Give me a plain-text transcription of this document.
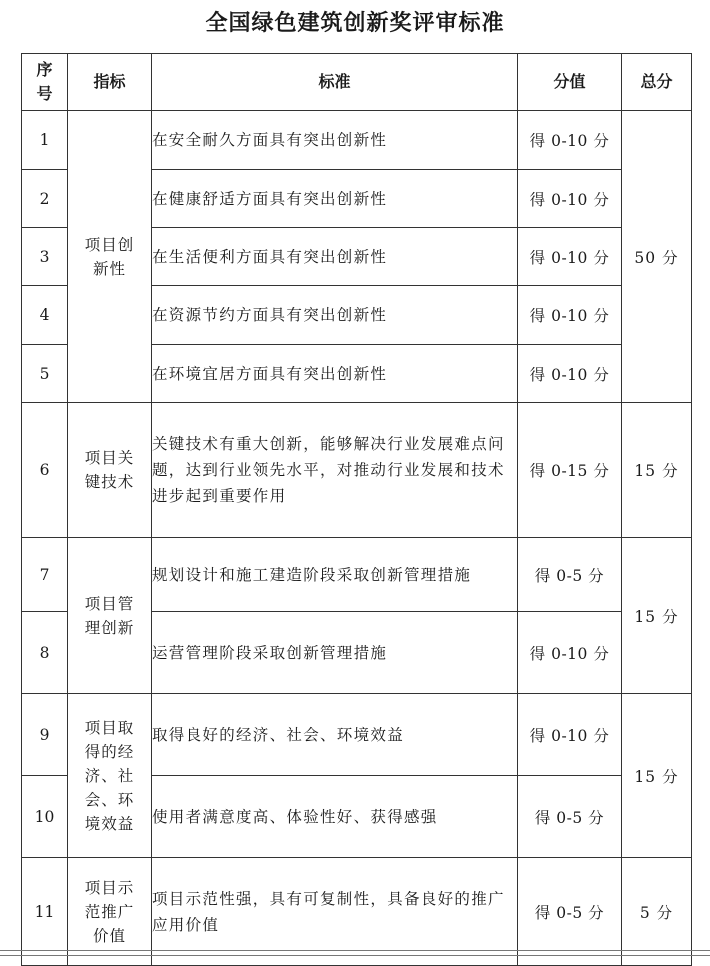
全国绿色建筑创新奖评审标准
序号	指标	标准	分值	总分
1	项目创新性	在安全耐久方面具有突出创新性	得 0-10 分	50 分
2		在健康舒适方面具有突出创新性	得 0-10 分	
3		在生活便利方面具有突出创新性	得 0-10 分	
4		在资源节约方面具有突出创新性	得 0-10 分	
5		在环境宜居方面具有突出创新性	得 0-10 分	
6	项目关键技术	关键技术有重大创新，能够解决行业发展难点问题，达到行业领先水平，对推动行业发展和技术进步起到重要作用	得 0-15 分	15 分
7	项目管理创新	规划设计和施工建造阶段采取创新管理措施	得 0-5 分	15 分
8		运营管理阶段采取创新管理措施	得 0-10 分	
9	项目取得的经济、社会、环境效益	取得良好的经济、社会、环境效益	得 0-10 分	15 分
10		使用者满意度高、体验性好、获得感强	得 0-5 分	
11	项目示范推广价值	项目示范性强，具有可复制性，具备良好的推广应用价值	得 0-5 分	5 分
